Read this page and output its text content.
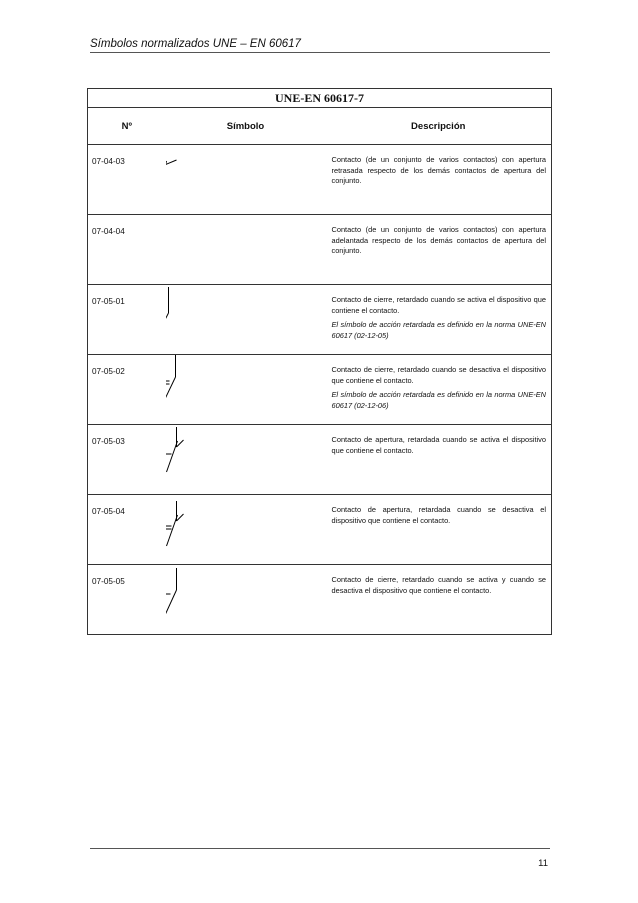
Símbolos normalizados UNE – EN 60617
UNE-EN 60617-7		
Nº	Símbolo	Descripción
07-04-03		Contacto (de un conjunto de varios contactos) con apertura retrasada respecto de los demás contactos de apertura del conjunto.

07-04-04		Contacto (de un conjunto de varios contactos) con apertura adelantada respecto de los demás contactos de apertura del conjunto.

07-05-01		Contacto de cierre, retardado cuando se activa el dispositivo que contiene el contacto.

El símbolo de acción retardada es definido en la norma UNE-EN 60617 (02-12-05)

07-05-02		Contacto de cierre, retardado cuando se desactiva el dispositivo que contiene el contacto.

El símbolo de acción retardada es definido en la norma UNE-EN 60617 (02-12-06)

07-05-03		Contacto de apertura, retardada cuando se activa el dispositivo que contiene el contacto.

07-05-04		Contacto de apertura, retardada cuando se desactiva el dispositivo que contiene el contacto.

07-05-05		Contacto de cierre, retardado cuando se activa y cuando se desactiva el dispositivo que contiene el contacto.

11
